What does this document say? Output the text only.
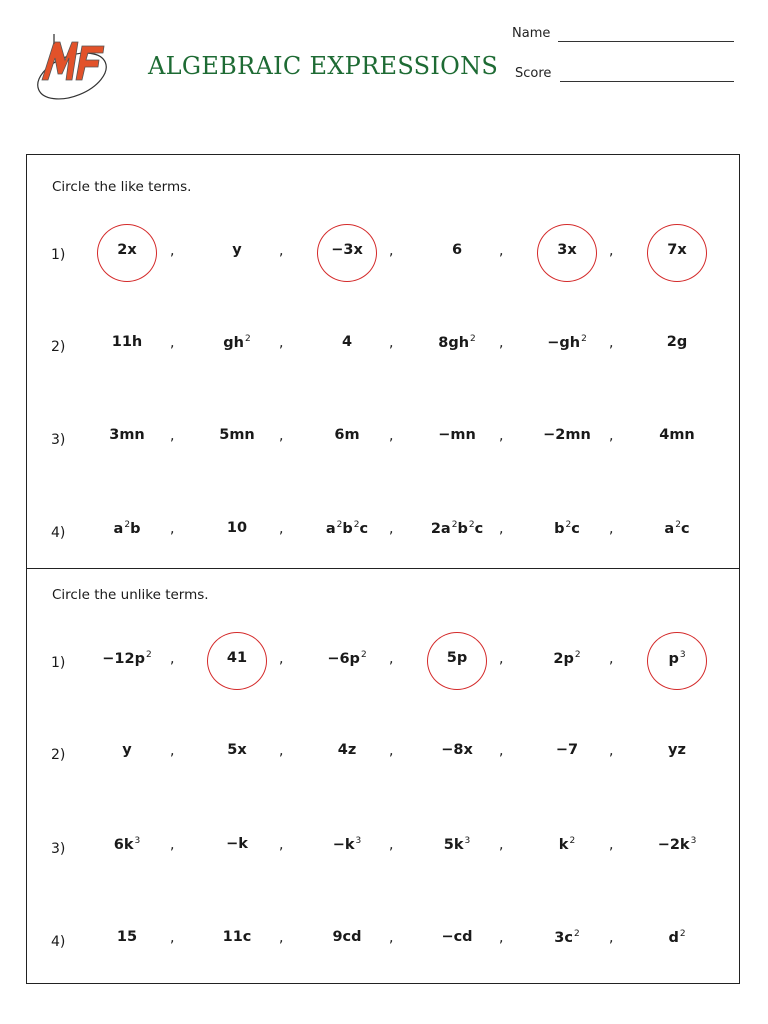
ALGEBRAIC EXPRESSIONS
Name
Score
Circle the like terms.
1)	2x	,	y	,	−3x	,	6	,	3x	,	7x
2)	11h	,	$gh^2$	,	4	,	$8gh^2$	,	$-gh^2$	,	2g
3)	3mn	,	5mn	,	6m	,	−mn	,	−2mn	,	4mn
4)	$a^2b$	,	10	,	$a^2b^2c$	,	$2a^2b^2c$	,	$b^2c$	,	$a^2c$
Circle the unlike terms.
1)	$-12p^2$	,	41	,	$-6p^2$	,	5p	,	$2p^2$	,	$p^3$
2)	y	,	5x	,	4z	,	−8x	,	−7	,	yz
3)	$6k^3$	,	−k	,	$-k^3$	,	$5k^3$	,	$k^2$	,	$-2k^3$
4)	15	,	11c	,	9cd	,	−cd	,	$3c^2$	,	$d^2$
